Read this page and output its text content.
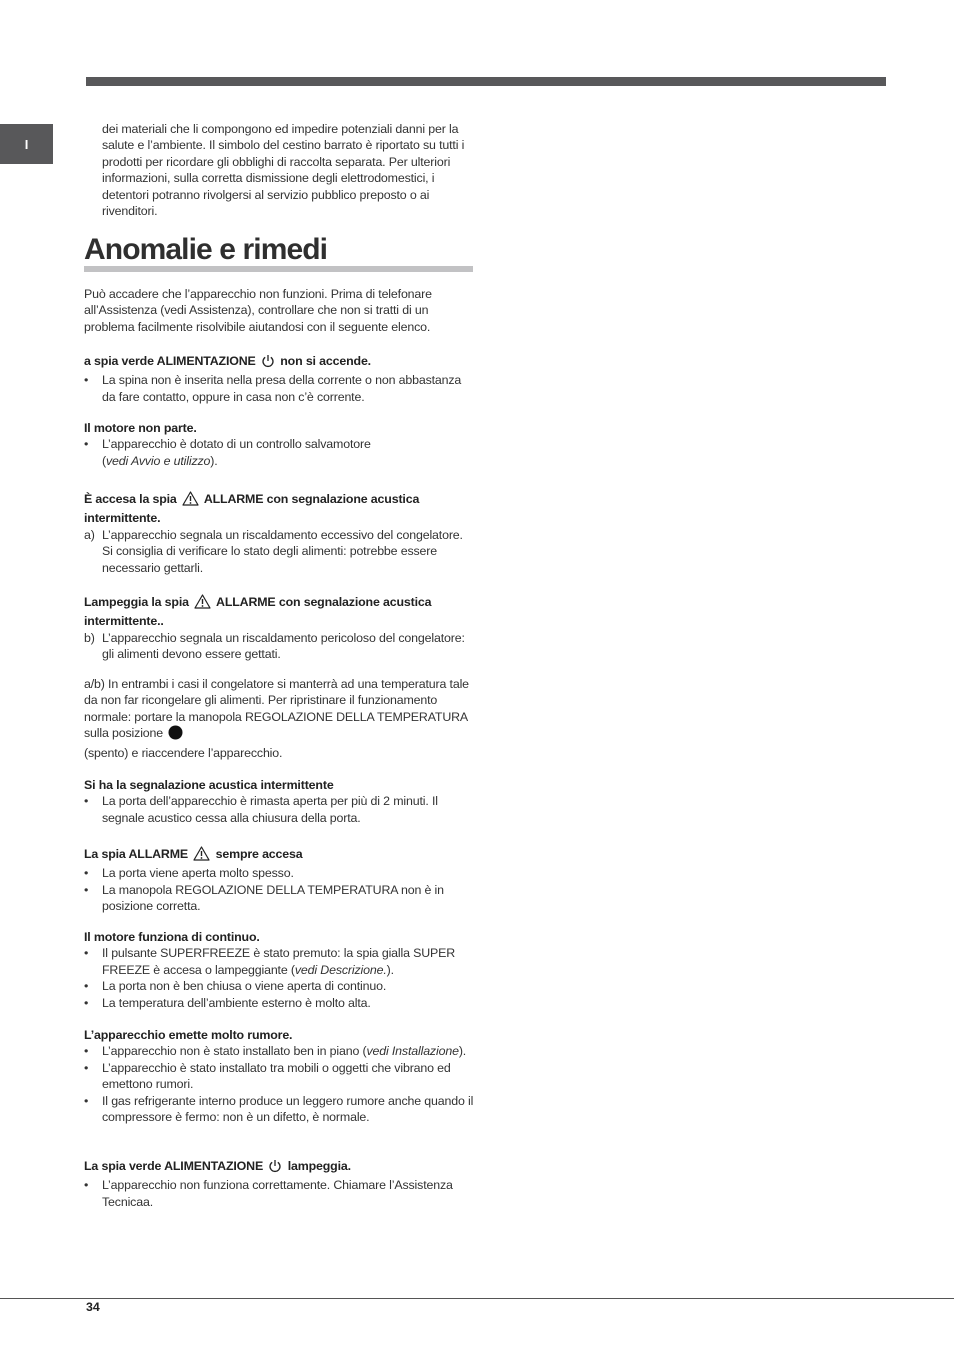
I

dei materiali che li compongono ed impedire potenziali danni per la salute e l’ambiente. Il simbolo del cestino barrato è riportato su tutti i prodotti per ricordare gli obblighi di raccolta separata. Per ulteriori informazioni, sulla corretta dismissione degli elettrodomestici, i detentori potranno rivolgersi al servizio pubblico preposto o ai rivenditori.

Anomalie e rimedi

Può accadere che l’apparecchio non funzioni. Prima di telefonare all’Assistenza (vedi Assistenza), controllare che non si tratti di un problema facilmente risolvibile aiutandosi con il seguente elenco.

a spia verde ALIMENTAZIONE non si accende.

• La spina non è inserita nella presa della corrente o non abbastanza da fare contatto, oppure in casa non c’è corrente.

Il motore non parte.

• L’apparecchio è dotato di un controllo salvamotore
(vedi Avvio e utilizzo).

È accesa la spia ALLARME con segnalazione acustica intermittente.

a) L’apparecchio segnala un riscaldamento eccessivo del congelatore. Si consiglia di verificare lo stato degli alimenti: potrebbe essere necessario gettarli.

Lampeggia la spia ALLARME con segnalazione acustica intermittente..

b) L’apparecchio segnala un riscaldamento pericoloso del congelatore: gli alimenti devono essere gettati.

a/b) In entrambi i casi il congelatore si manterrà ad una temperatura tale da non far ricongelare gli alimenti. Per ripristinare il funzionamento normale: portare la manopola REGOLAZIONE DELLA TEMPERATURA sulla posizione
(spento) e riaccendere l’apparecchio.

Si ha la segnalazione acustica intermittente

• La porta dell’apparecchio è rimasta aperta per più di 2 minuti. Il segnale acustico cessa alla chiusura della porta.

La spia ALLARME sempre accesa

• La porta viene aperta molto spesso.
• La manopola REGOLAZIONE DELLA TEMPERATURA non è in posizione corretta.

Il motore funziona di continuo.

• Il pulsante SUPERFREEZE è stato premuto: la spia gialla SUPER FREEZE è accesa o lampeggiante (vedi Descrizione.).
• La porta non è ben chiusa o viene aperta di continuo.
• La temperatura dell’ambiente esterno è molto alta.

L’apparecchio emette molto rumore.

• L’apparecchio non è stato installato ben in piano (vedi Installazione).
• L’apparecchio è stato installato tra mobili o oggetti che vibrano ed emettono rumori.
• Il gas refrigerante interno produce un leggero rumore anche quando il compressore è fermo: non è un difetto, è normale.

La spia verde ALIMENTAZIONE lampeggia.

• L’apparecchio non funziona correttamente. Chiamare l’Assistenza Tecnicaa.
34
